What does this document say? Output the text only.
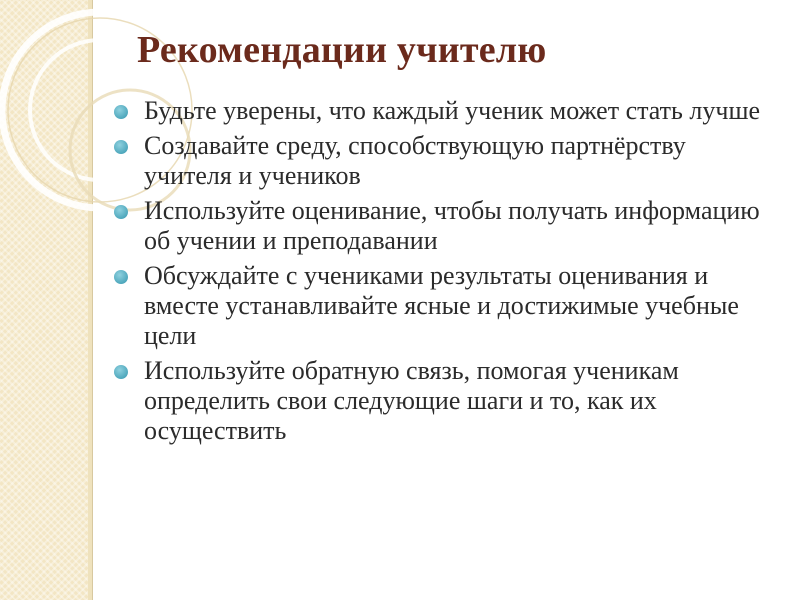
Рекомендации учителю
Будьте уверены, что каждый ученик может стать лучше
Создавайте среду, способствующую партнёрству учителя и учеников
Используйте оценивание, чтобы получать информацию об учении и преподавании
Обсуждайте с учениками результаты оценивания и вместе устанавливайте ясные и достижимые учебные цели
Используйте обратную связь, помогая ученикам определить свои следующие шаги и то, как их осуществить
